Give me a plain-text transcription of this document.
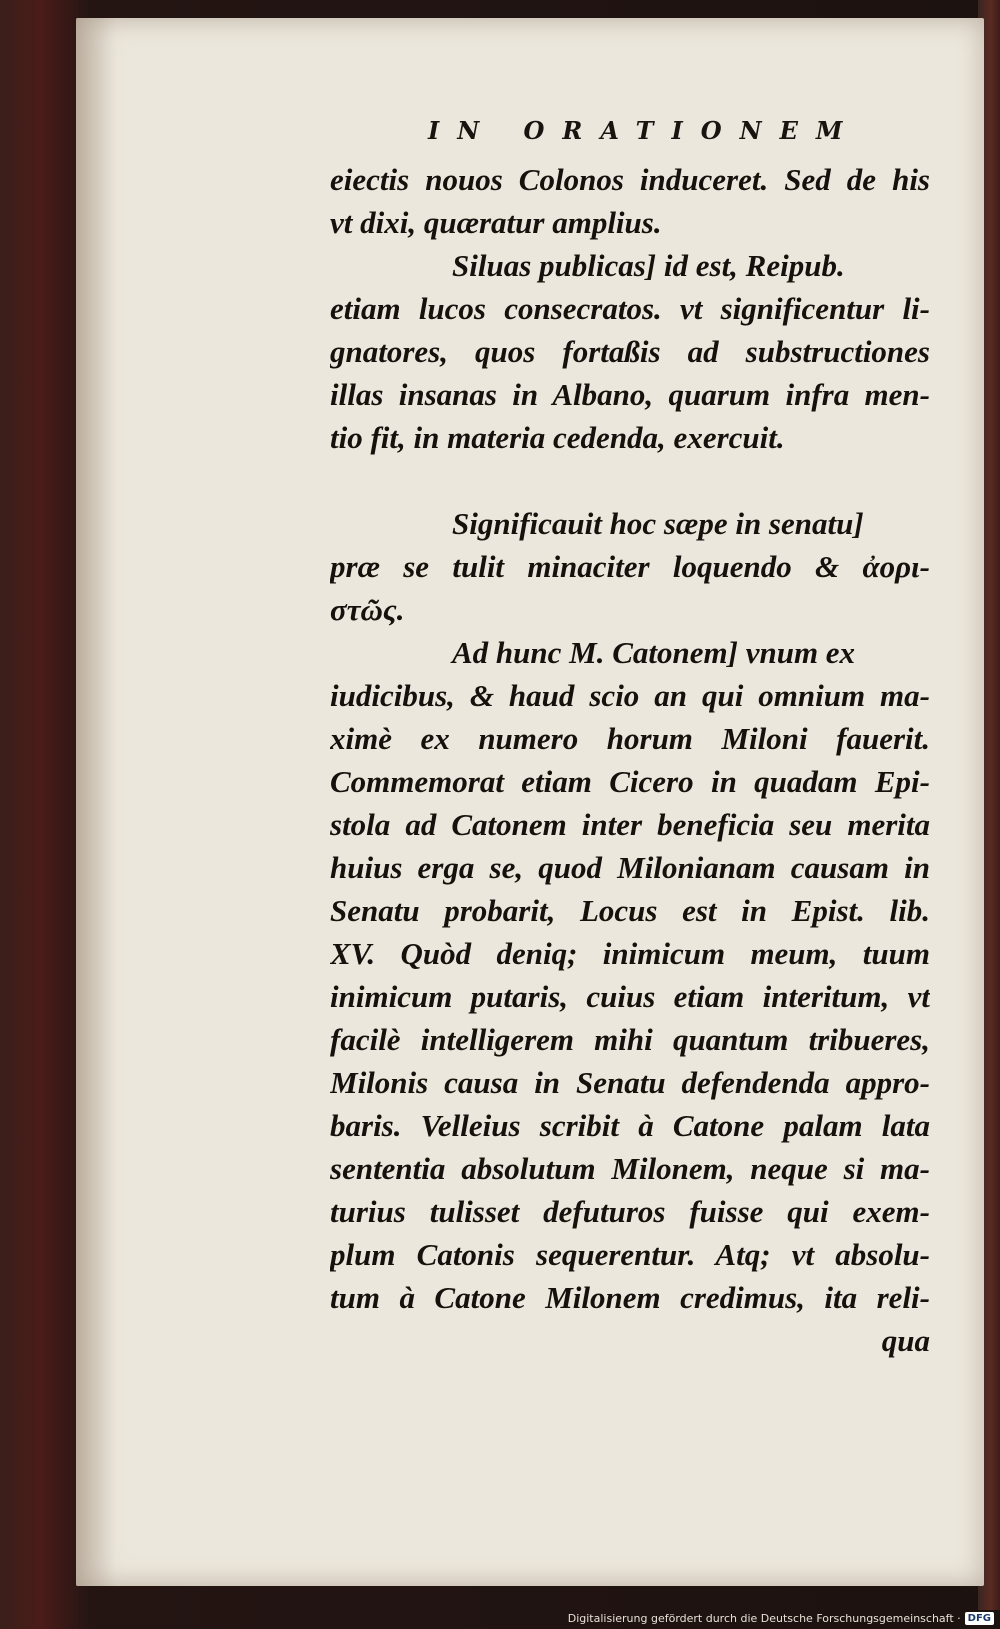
IN ORATIONEM
eiectis nouos Colonos induceret. Sed de his
vt dixi, quæratur amplius.
Siluas publicas] id est, Reipub.
etiam lucos consecratos. vt significentur li-
gnatores, quos fortaßis ad substructiones
illas insanas in Albano, quarum infra men-
tio fit, in materia cedenda, exercuit.
Significauit hoc sæpe in senatu]
præ se tulit minaciter loquendo & ἀορι-
στῶς.
Ad hunc M. Catonem] vnum ex
iudicibus, & haud scio an qui omnium ma-
ximè ex numero horum Miloni fauerit.
Commemorat etiam Cicero in quadam Epi-
stola ad Catonem inter beneficia seu merita
huius erga se, quod Milonianam causam in
Senatu probarit, Locus est in Epist. lib.
XV. Quòd deniq; inimicum meum, tuum
inimicum putaris, cuius etiam interitum, vt
facilè intelligerem mihi quantum tribueres,
Milonis causa in Senatu defendenda appro-
baris. Velleius scribit à Catone palam lata
sententia absolutum Milonem, neque si ma-
turius tulisset defuturos fuisse qui exem-
plum Catonis sequerentur. Atq; vt absolu-
tum à Catone Milonem credimus, ita reli-
qua
Digitalisierung gefördert durch die Deutsche Forschungsgemeinschaft · DFG
